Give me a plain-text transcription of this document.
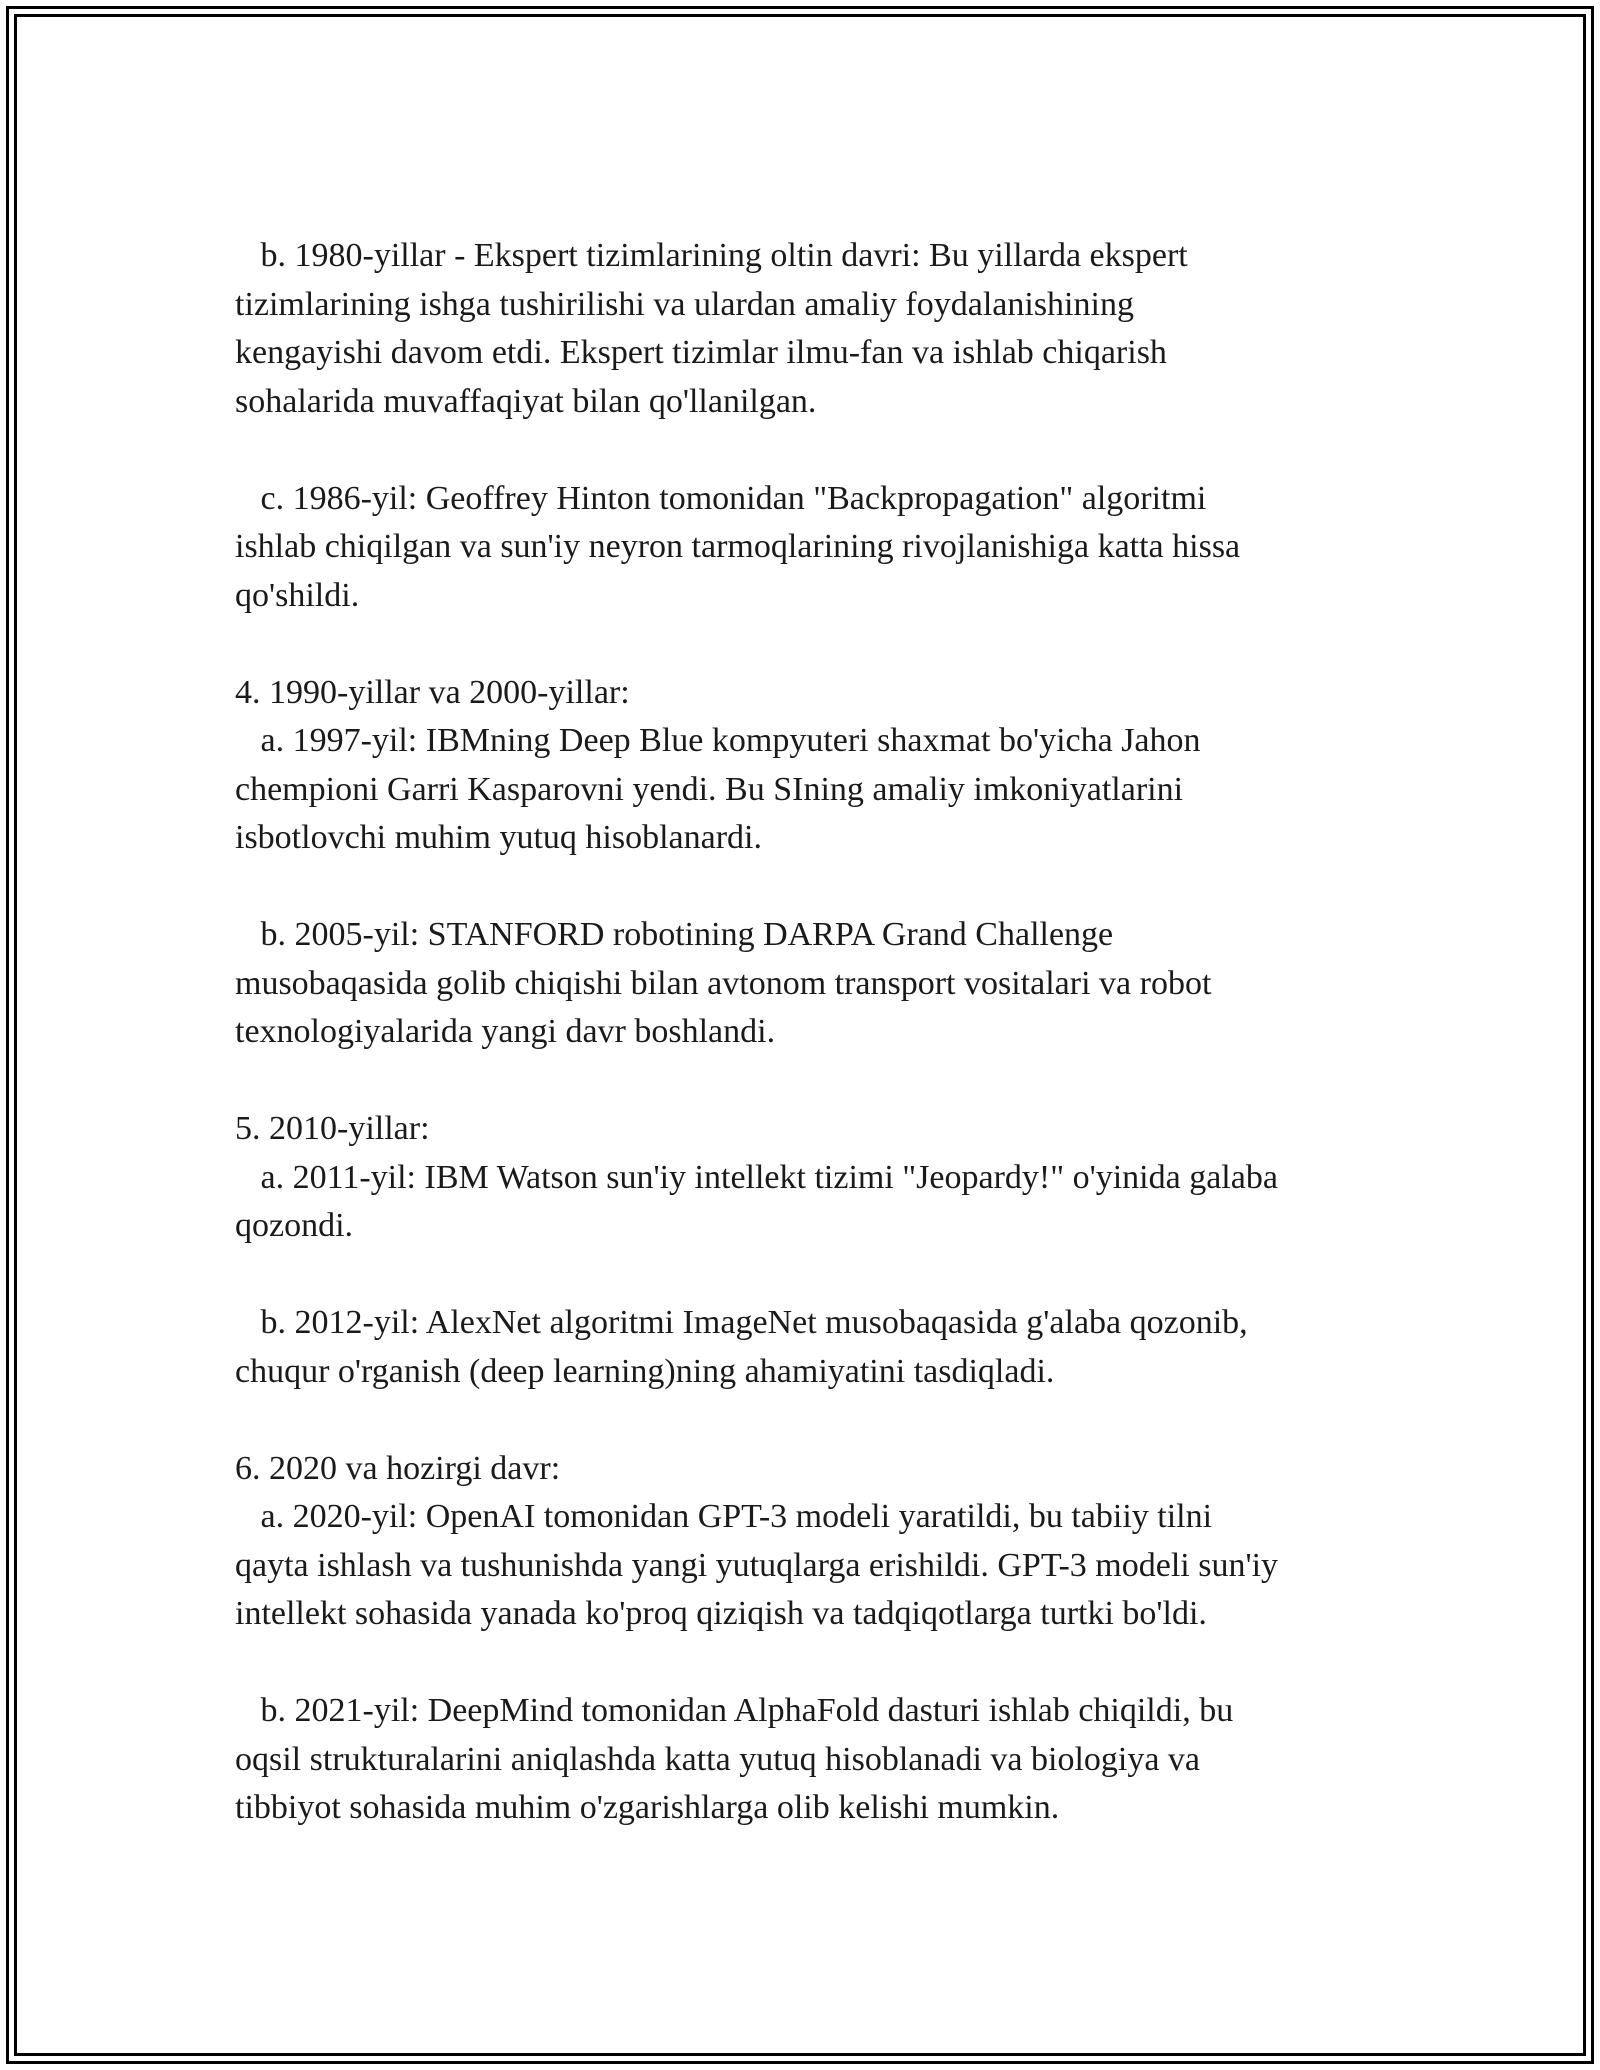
b. 1980-yillar - Ekspert tizimlarining oltin davri: Bu yillarda ekspert
tizimlarining ishga tushirilishi va ulardan amaliy foydalanishining
kengayishi davom etdi. Ekspert tizimlar ilmu-fan va ishlab chiqarish
sohalarida muvaffaqiyat bilan qo'llanilgan.
c. 1986-yil: Geoffrey Hinton tomonidan "Backpropagation" algoritmi
ishlab chiqilgan va sun'iy neyron tarmoqlarining rivojlanishiga katta hissa
qo'shildi.
4. 1990-yillar va 2000-yillar:
a. 1997-yil: IBMning Deep Blue kompyuteri shaxmat bo'yicha Jahon
chempioni Garri Kasparovni yendi. Bu SIning amaliy imkoniyatlarini
isbotlovchi muhim yutuq hisoblanardi.
b. 2005-yil: STANFORD robotining DARPA Grand Challenge
musobaqasida golib chiqishi bilan avtonom transport vositalari va robot
texnologiyalarida yangi davr boshlandi.
5. 2010-yillar:
a. 2011-yil: IBM Watson sun'iy intellekt tizimi "Jeopardy!" o'yinida galaba
qozondi.
b. 2012-yil: AlexNet algoritmi ImageNet musobaqasida g'alaba qozonib,
chuqur o'rganish (deep learning)ning ahamiyatini tasdiqladi.
6. 2020 va hozirgi davr:
a. 2020-yil: OpenAI tomonidan GPT-3 modeli yaratildi, bu tabiiy tilni
qayta ishlash va tushunishda yangi yutuqlarga erishildi. GPT-3 modeli sun'iy
intellekt sohasida yanada ko'proq qiziqish va tadqiqotlarga turtki bo'ldi.
b. 2021-yil: DeepMind tomonidan AlphaFold dasturi ishlab chiqildi, bu
oqsil strukturalarini aniqlashda katta yutuq hisoblanadi va biologiya va
tibbiyot sohasida muhim o'zgarishlarga olib kelishi mumkin.
